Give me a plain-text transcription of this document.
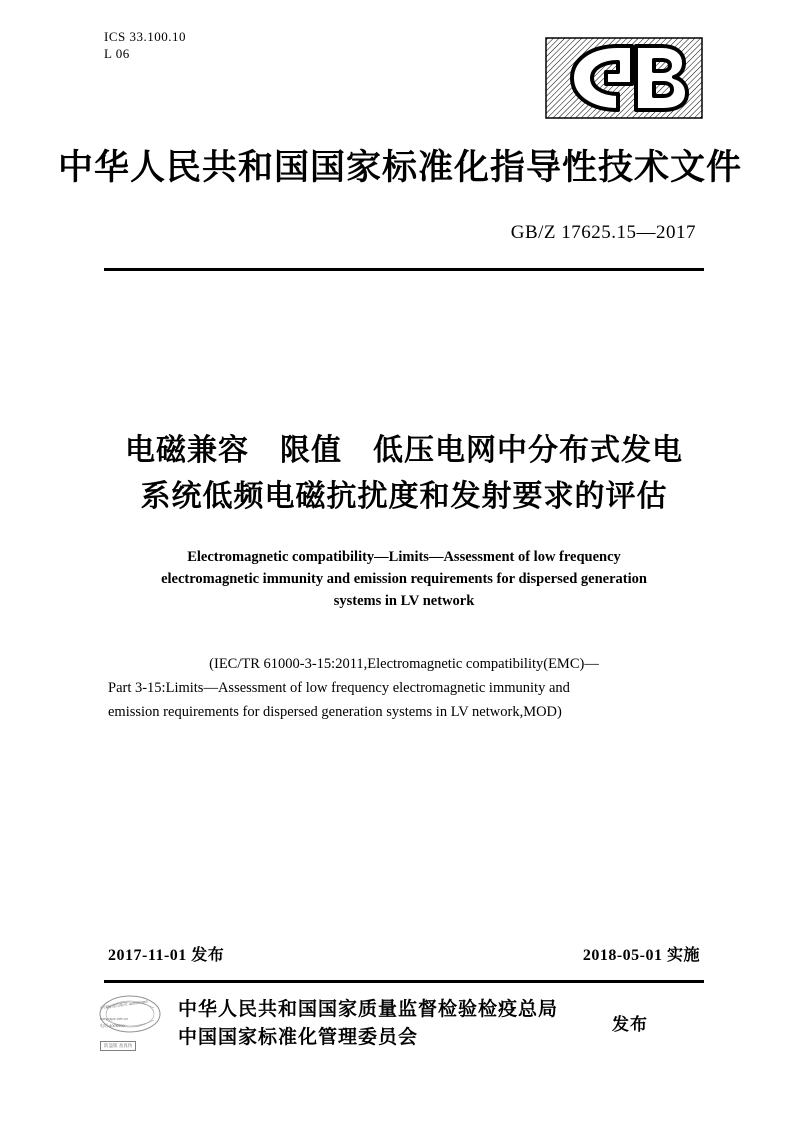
ICS 33.100.10
L 06
中华人民共和国国家标准化指导性技术文件
GB/Z 17625.15—2017
电磁兼容　限值　低压电网中分布式发电
系统低频电磁抗扰度和发射要求的评估
Electromagnetic compatibility—Limits—Assessment of low frequency
electromagnetic immunity and emission requirements for dispersed generation
systems in LV network
(IEC/TR 61000-3-15:2011,Electromagnetic compatibility(EMC)—
Part 3-15:Limits—Assessment of low frequency electromagnetic immunity and
emission requirements for dispersed generation systems in LV network,MOD)
2017-11-01 发布	2018-05-01 实施
中国标准出版社 authorized
www.spc.net.cn
电话:4006500
防盗版 查真伪
中华人民共和国国家质量监督检验检疫总局
中国国家标准化管理委员会
发布
